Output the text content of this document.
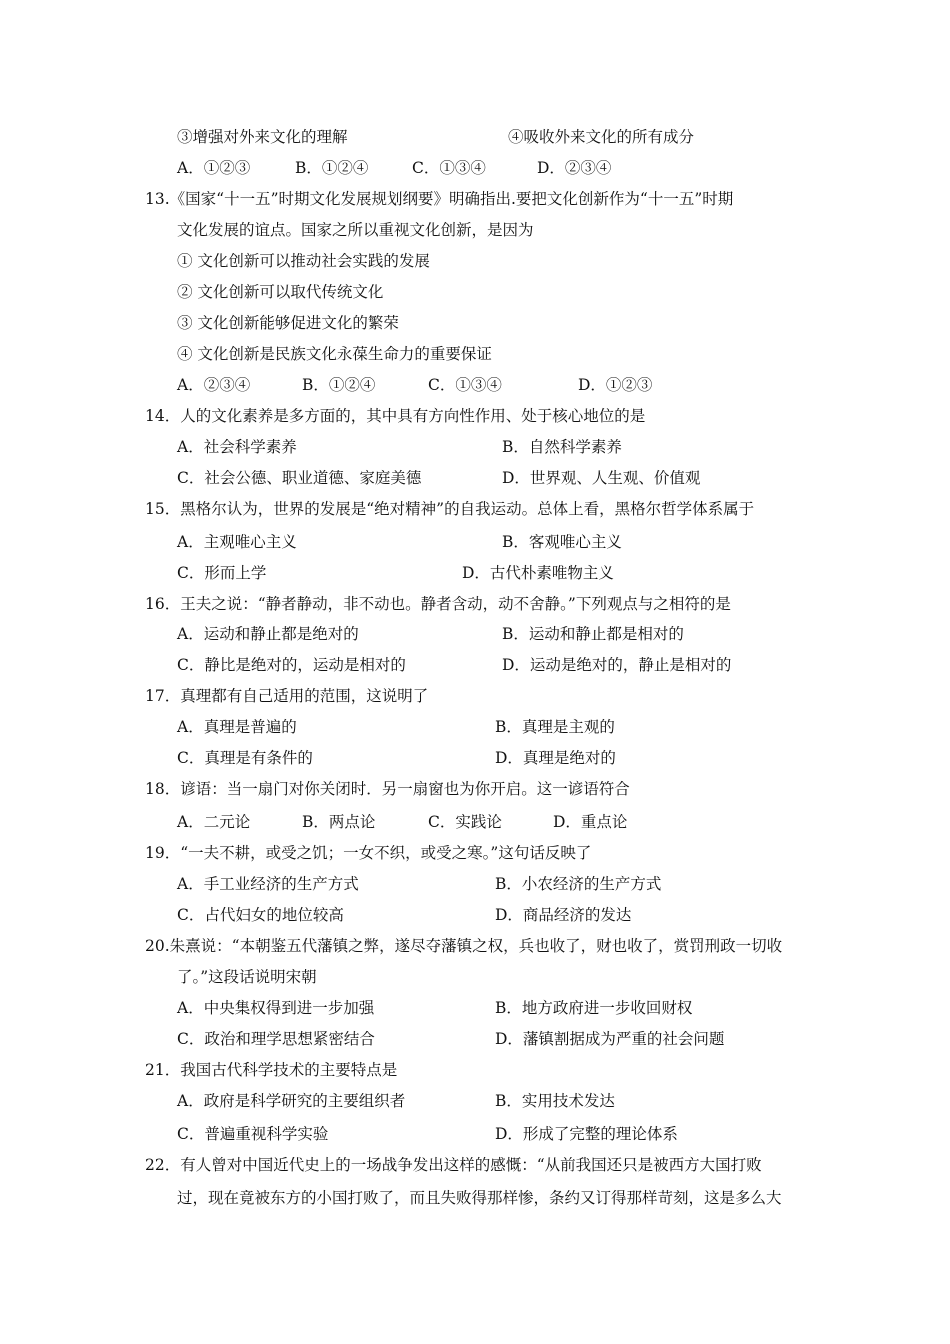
③增强对外来文化的理解	④吸收外来文化的所有成分
A．①②③	B．①②④	C．①③④	D．②③④
13.《国家“十一五”时期文化发展规划纲要》明确指出.要把文化创新作为“十一五”时期
文化发展的谊点。国家之所以重视文化创新，是因为
① 文化创新可以推动社会实践的发展
② 文化创新可以取代传统文化
③ 文化创新能够促进文化的繁荣
④ 文化创新是民族文化永葆生命力的重要保证
A．②③④	B．①②④	C．①③④	D．①②③
14．人的文化素养是多方面的，其中具有方向性作用、处于核心地位的是
A．社会科学素养	B．自然科学素养
C．社会公德、职业道德、家庭美德	D．世界观、人生观、价值观
15．黑格尔认为，世界的发展是“绝对精神”的自我运动。总体上看，黑格尔哲学体系属于
A．主观唯心主义	B．客观唯心主义
C．形而上学	D．古代朴素唯物主义
16．王夫之说：“静者静动，非不动也。静者含动，动不舍静。”下列观点与之相符的是
A．运动和静止都是绝对的	B．运动和静止都是相对的
C．静比是绝对的，运动是相对的	D．运动是绝对的，静止是相对的
17．真理都有自己适用的范围，这说明了
A．真理是普遍的	B．真理是主观的
C．真理是有条件的	D．真理是绝对的
18．谚语：当一扇门对你关闭时．另一扇窗也为你开启。这一谚语符合
A．二元论	B．两点论	C．实践论	D．重点论
19．“一夫不耕，或受之饥；一女不织，或受之寒。”这句话反映了
A．手工业经济的生产方式	B．小农经济的生产方式
C．占代妇女的地位较高	D．商品经济的发达
20.朱熹说：“本朝鉴五代藩镇之弊，遂尽夺藩镇之权，兵也收了，财也收了，赏罚刑政一切收
了。”这段话说明宋朝
A．中央集权得到进一步加强	B．地方政府进一步收回财权
C．政治和理学思想紧密结合	D．藩镇割据成为严重的社会问题
21．我国古代科学技术的主要特点是
A．政府是科学研究的主要组织者	B．实用技术发达
C．普遍重视科学实验	D．形成了完整的理论体系
22．有人曾对中国近代史上的一场战争发出这样的感慨：“从前我国还只是被西方大国打败
过，现在竟被东方的小国打败了，而且失败得那样惨，条约又订得那样苛刻，这是多么大
